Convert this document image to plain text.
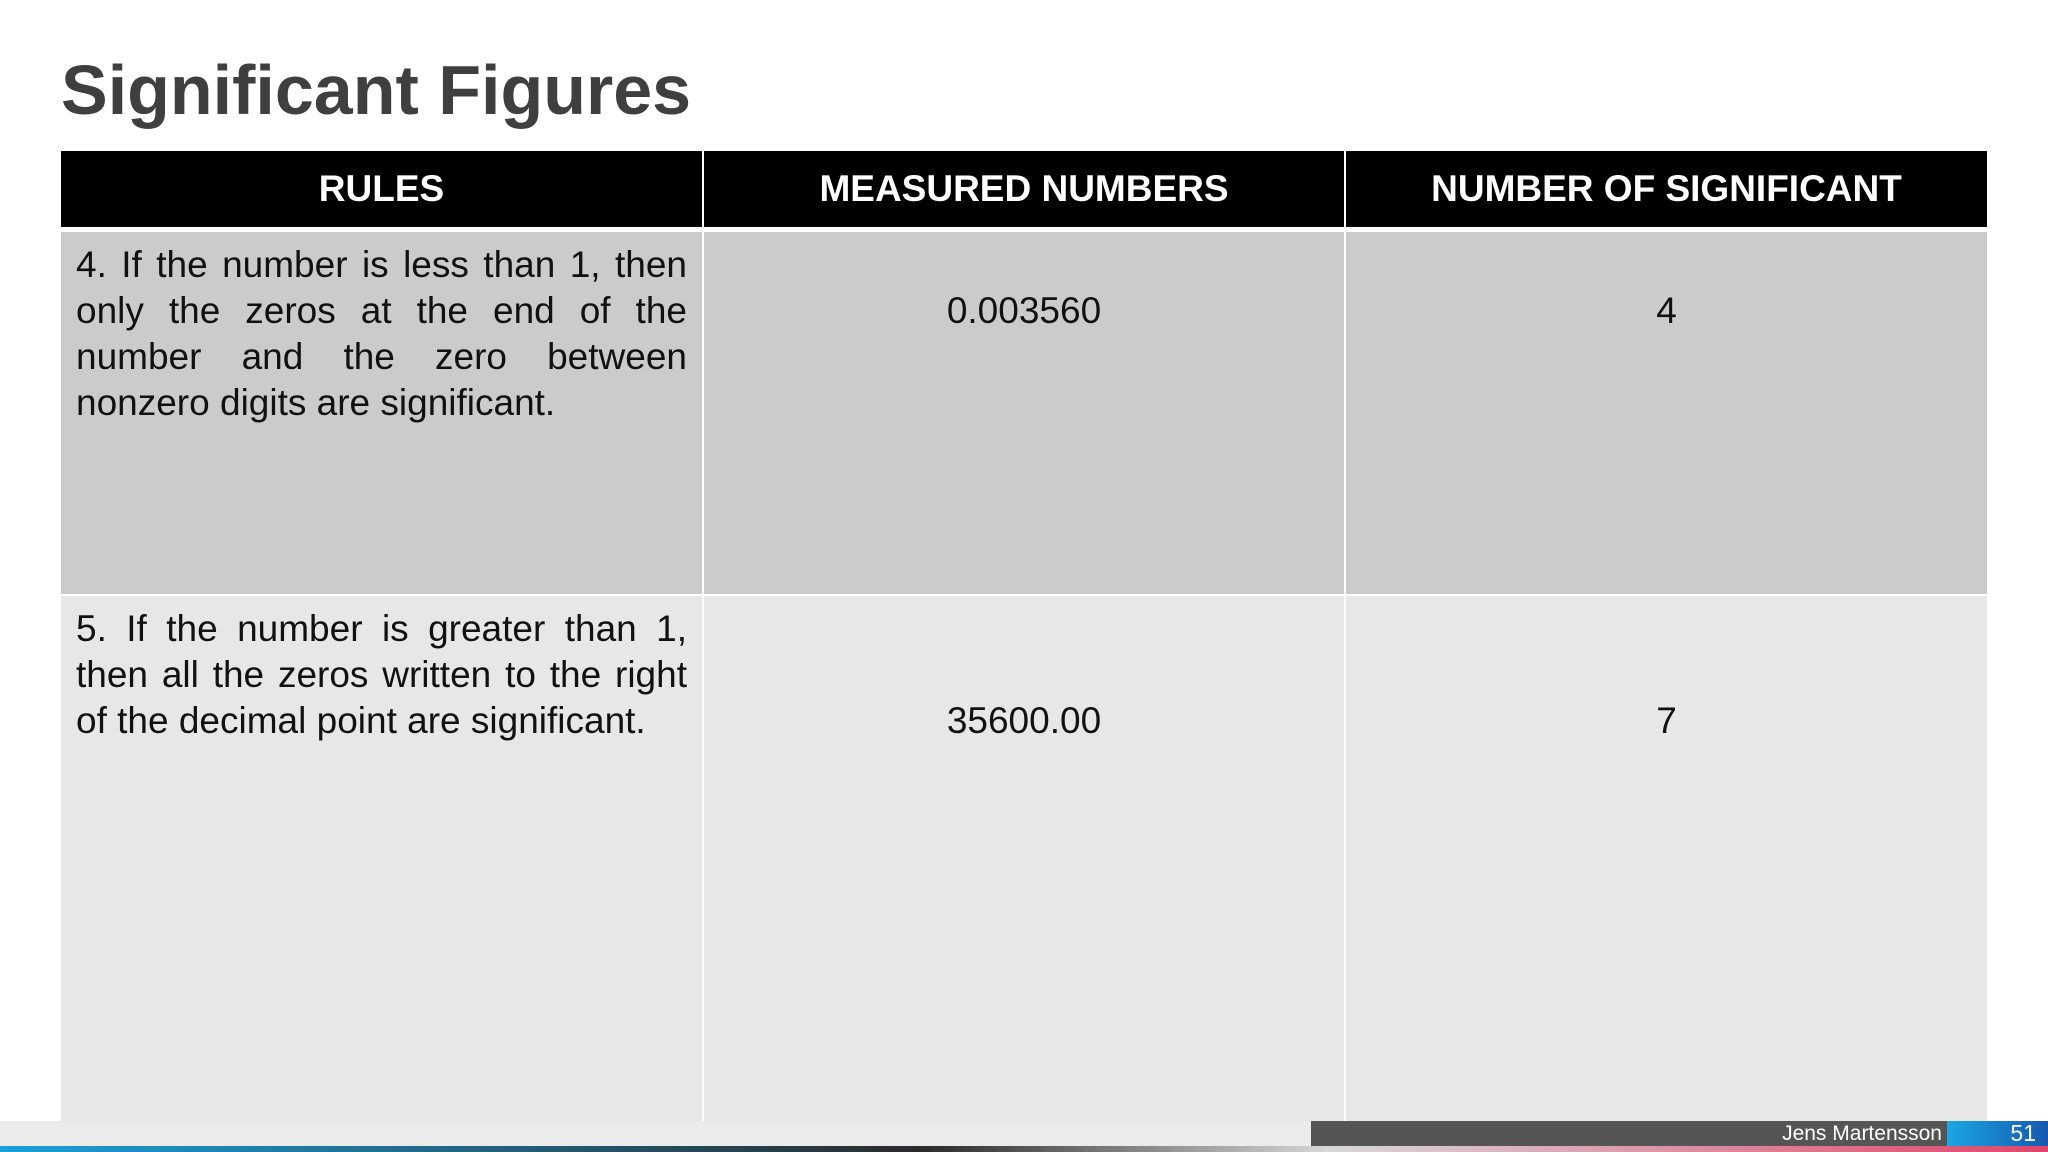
Significant Figures
RULES	MEASURED NUMBERS	NUMBER OF SIGNIFICANT
4. If the number is less than 1, then only the zeros at the end of the number and the zero between nonzero digits are significant.	0.003560	4
5. If the number is greater than 1, then all the zeros written to the right of the decimal point are significant.	35600.00	7
Jens Martensson	51
